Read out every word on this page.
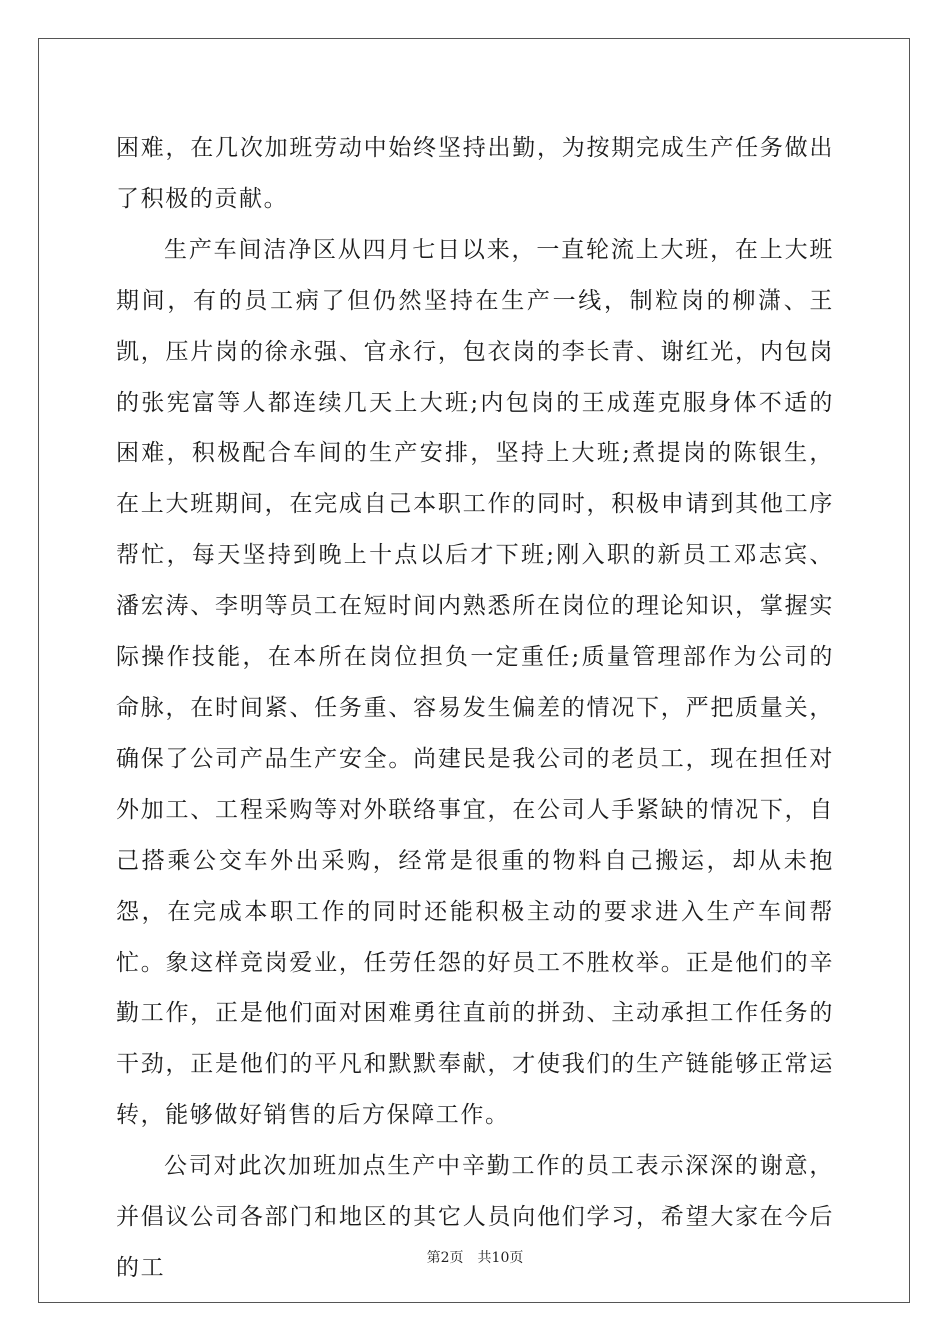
困难，在几次加班劳动中始终坚持出勤，为按期完成生产任务做出了积极的贡献。

生产车间洁净区从四月七日以来，一直轮流上大班，在上大班期间，有的员工病了但仍然坚持在生产一线，制粒岗的柳潇、王凯，压片岗的徐永强、官永行，包衣岗的李长青、谢红光，内包岗的张宪富等人都连续几天上大班;内包岗的王成莲克服身体不适的困难，积极配合车间的生产安排，坚持上大班;煮提岗的陈银生，在上大班期间，在完成自己本职工作的同时，积极申请到其他工序帮忙，每天坚持到晚上十点以后才下班;刚入职的新员工邓志宾、潘宏涛、李明等员工在短时间内熟悉所在岗位的理论知识，掌握实际操作技能，在本所在岗位担负一定重任;质量管理部作为公司的命脉，在时间紧、任务重、容易发生偏差的情况下，严把质量关，确保了公司产品生产安全。尚建民是我公司的老员工，现在担任对外加工、工程采购等对外联络事宜，在公司人手紧缺的情况下，自己搭乘公交车外出采购，经常是很重的物料自己搬运，却从未抱怨，在完成本职工作的同时还能积极主动的要求进入生产车间帮忙。象这样竞岗爱业，任劳任怨的好员工不胜枚举。正是他们的辛勤工作，正是他们面对困难勇往直前的拼劲、主动承担工作任务的干劲，正是他们的平凡和默默奉献，才使我们的生产链能够正常运转，能够做好销售的后方保障工作。

公司对此次加班加点生产中辛勤工作的员工表示深深的谢意，并倡议公司各部门和地区的其它人员向他们学习，希望大家在今后的工	第2页　共10页
